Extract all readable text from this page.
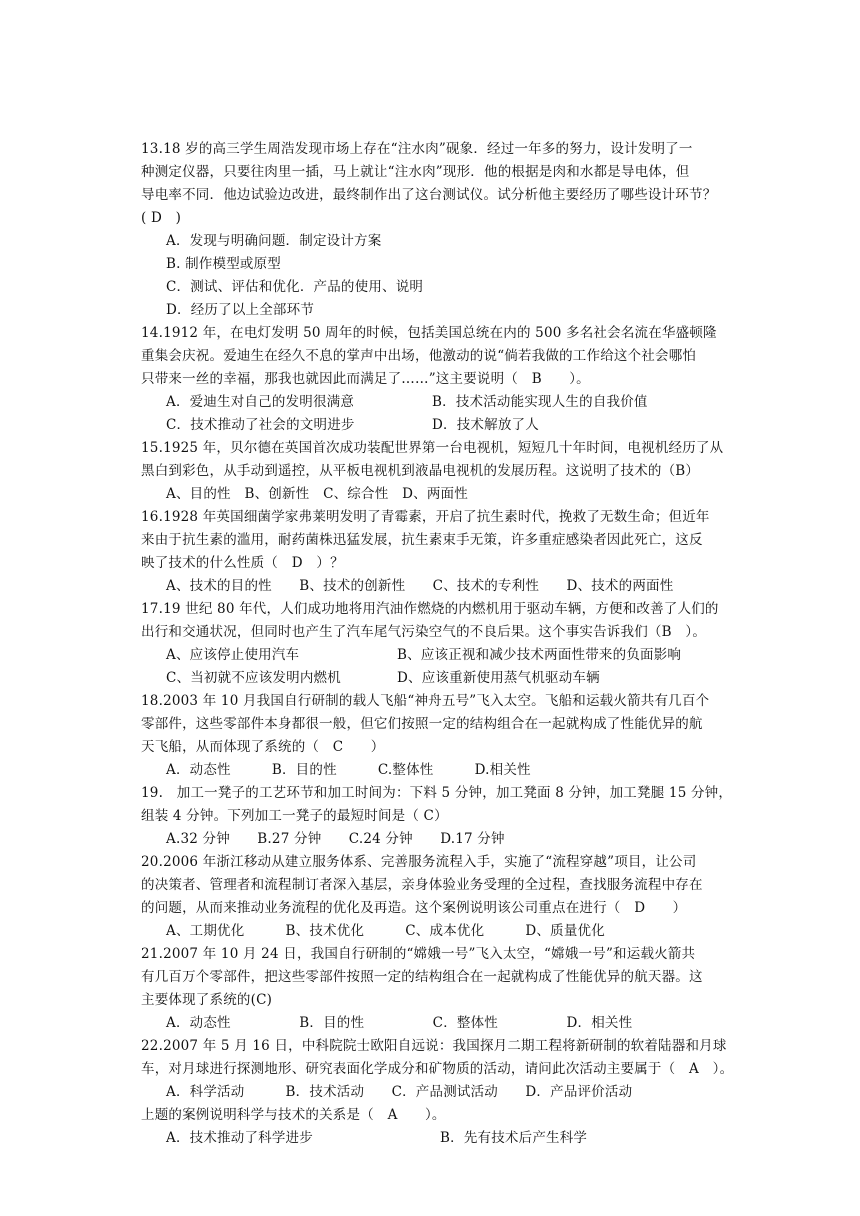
13.18 岁的高三学生周浩发现市场上存在“注水肉”砚象．经过一年多的努力，设计发明了一
种测定仪器，只要往肉里一插，马上就让“注水肉”现形．他的根据是肉和水都是导电体，但
导电率不同．他边试验边改进，最终制作出了这台测试仪。试分析他主要经历了哪些设计环节？
( D　)
A．发现与明确问题．制定设计方案
B. 制作模型或原型
C．测试、评估和优化．产品的使用、说明
D．经历了以上全部环节
14.1912 年，在电灯发明 50 周年的时候，包括美国总统在内的 500 多名社会名流在华盛顿隆
重集会庆祝。爱迪生在经久不息的掌声中出场，他激动的说“倘若我做的工作给这个社会哪怕
只带来一丝的幸福，那我也就因此而满足了……”这主要说明（　B　　）。
A．爱迪生对自己的发明很满意	B．技术活动能实现人生的自我价值
C．技术推动了社会的文明进步	D．技术解放了人
15.1925 年，贝尔德在英国首次成功装配世界第一台电视机，短短几十年时间，电视机经历了从
黑白到彩色，从手动到遥控，从平板电视机到液晶电视机的发展历程。这说明了技术的（B）
A、目的性　B、创新性　C、综合性　D、两面性
16.1928 年英国细菌学家弗莱明发明了青霉素，开启了抗生素时代，挽救了无数生命；但近年
来由于抗生素的滥用，耐药菌株迅猛发展，抗生素束手无策，许多重症感染者因此死亡，这反
映了技术的什么性质（　D　）？
A、技术的目的性　　B、技术的创新性　　C、技术的专利性　　D、技术的两面性
17.19 世纪 80 年代，人们成功地将用汽油作燃烧的内燃机用于驱动车辆，方便和改善了人们的
出行和交通状况，但同时也产生了汽车尾气污染空气的不良后果。这个事实告诉我们（B　）。
A、应该停止使用汽车	B、应该正视和减少技术两面性带来的负面影响
C、当初就不应该发明内燃机	D、应该重新使用蒸气机驱动车辆
18.2003 年 10 月我国自行研制的载人飞船“神舟五号”飞入太空。飞船和运载火箭共有几百个
零部件，这些零部件本身都很一般，但它们按照一定的结构组合在一起就构成了性能优异的航
天飞船，从而体现了系统的（　C　　）
A．动态性　　　B．目的性　　　C.整体性　　　D.相关性
19.　加工一凳子的工艺环节和加工时间为：下料 5 分钟，加工凳面 8 分钟，加工凳腿 15 分钟，
组装 4 分钟。下列加工一凳子的最短时间是（ C）
A.32 分钟　　B.27 分钟　　C.24 分钟　　D.17 分钟
20.2006 年浙江移动从建立服务体系、完善服务流程入手，实施了“流程穿越”项目，让公司
的决策者、管理者和流程制订者深入基层，亲身体验业务受理的全过程，查找服务流程中存在
的问题，从而来推动业务流程的优化及再造。这个案例说明该公司重点在进行（　D　　）
A、工期优化　　　B、技术优化　　　C、成本优化　　　D、质量优化
21.2007 年 10 月 24 日，我国自行研制的“嫦娥一号”飞入太空，“嫦娥一号”和运载火箭共
有几百万个零部件，把这些零部件按照一定的结构组合在一起就构成了性能优异的航天器。这
主要体现了系统的(C)
A．动态性　　　　　B．目的性　　　　　C．整体性　　　　　D．相关性
22.2007 年 5 月 16 日，中科院院士欧阳自远说：我国探月二期工程将新研制的软着陆器和月球
车，对月球进行探测地形、研究表面化学成分和矿物质的活动，请问此次活动主要属于（　A　）。
A．科学活动　　　B．技术活动　　C．产品测试活动　　D．产品评价活动
上题的案例说明科学与技术的关系是（　A　　）。
A．技术推动了科学进步	B．先有技术后产生科学
